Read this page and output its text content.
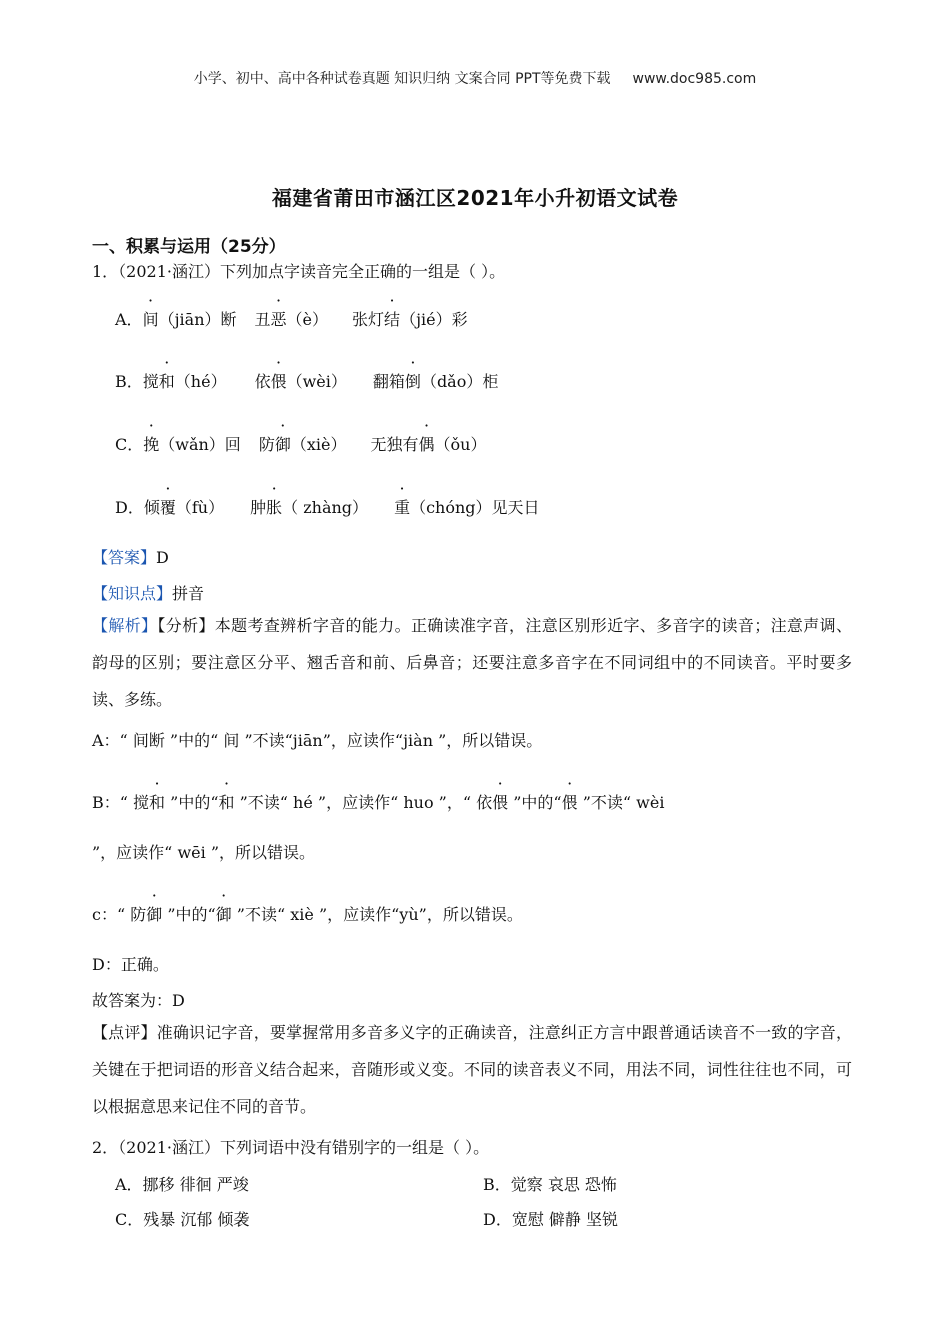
小学、初中、高中各种试卷真题 知识归纳 文案合同 PPT等免费下载 www.doc985.com
福建省莆田市涵江区2021年小升初语文试卷
一、积累与运用（25分）
1．（2021·涵江）下列加点字读音完全正确的一组是（ ）。
A．间（jiān）断 丑恶（è） 张灯结（jié）彩
B．搅和（hé） 依偎（wèi） 翻箱倒（dǎo）柜
C．挽（wǎn）回 防御（xiè） 无独有偶（ǒu）
D．倾覆（fù） 肿胀（ zhàng） 重（chóng）见天日
【答案】D
【知识点】拼音
【解析】【分析】本题考查辨析字音的能力。正确读准字音，注意区别形近字、多音字的读音；注意声调、韵母的区别；要注意区分平、翘舌音和前、后鼻音；还要注意多音字在不同词组中的不同读音。平时要多读、多练。
A：“ 间断 ”中的“ 间 ”不读“jiān”，应读作“jiàn ”，所以错误。
B：“ 搅和 ”中的“和 ”不读“ hé ”，应读作“ huo ”，“ 依偎 ”中的“偎 ”不读“ wèi
”，应读作“ wēi ”，所以错误。
c：“ 防御 ”中的“御 ”不读“ xiè ”，应读作“yù”，所以错误。
D：正确。
故答案为：D
【点评】准确识记字音，要掌握常用多音多义字的正确读音，注意纠正方言中跟普通话读音不一致的字音，关键在于把词语的形音义结合起来，音随形或义变。不同的读音表义不同，用法不同，词性往往也不同，可以根据意思来记住不同的音节。
2．（2021·涵江）下列词语中没有错别字的一组是（ ）。
A．挪移 徘徊 严竣	B．觉察 哀思 恐怖
C．残暴 沉郁 倾袭	D．宽慰 僻静 坚锐
